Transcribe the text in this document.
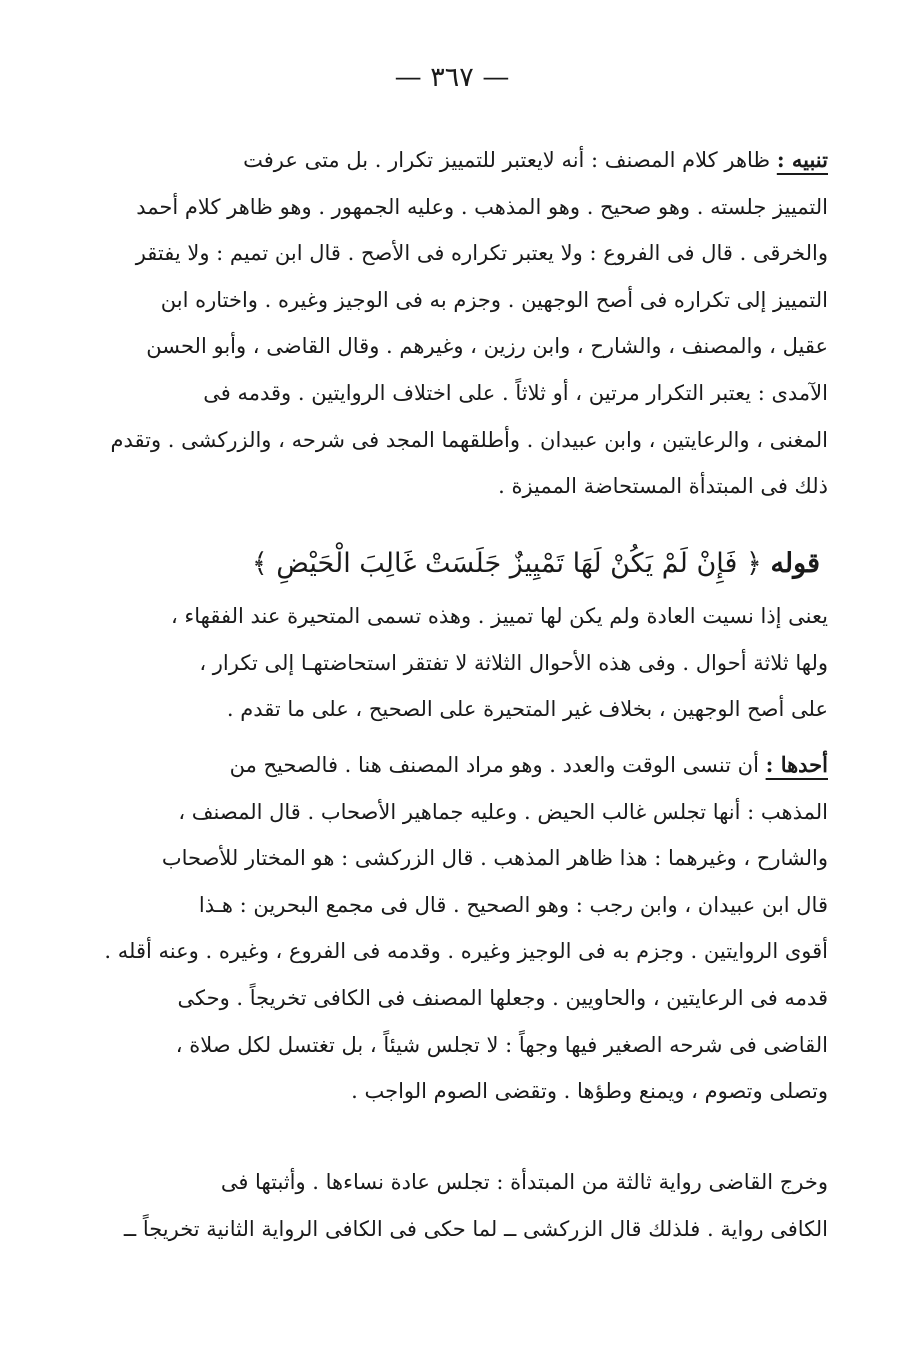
— ٣٦٧ —
تنبيه : ظاهر كلام المصنف : أنه لايعتبر للتمييز تكرار . بل متى عرفت
التمييز جلسته . وهو صحيح . وهو المذهب . وعليه الجمهور . وهو ظاهر كلام أحمد
والخرقى . قال فى الفروع : ولا يعتبر تكراره فى الأصح . قال ابن تميم : ولا يفتقر
التمييز إلى تكراره فى أصح الوجهين . وجزم به فى الوجيز وغيره . واختاره ابن
عقيل ، والمصنف ، والشارح ، وابن رزين ، وغيرهم . وقال القاضى ، وأبو الحسن
الآمدى : يعتبر التكرار مرتين ، أو ثلاثاً . على اختلاف الروايتين . وقدمه فى
المغنى ، والرعايتين ، وابن عبيدان . وأطلقهما المجد فى شرحه ، والزركشى . وتقدم
ذلك فى المبتدأة المستحاضة المميزة .
قوله ﴿ فَإِنْ لَمْ يَكُنْ لَهَا تَمْيِيزٌ جَلَسَتْ غَالِبَ الْحَيْضِ ﴾
يعنى إذا نسيت العادة ولم يكن لها تمييز . وهذه تسمى المتحيرة عند الفقهاء ،
ولها ثلاثة أحوال . وفى هذه الأحوال الثلاثة لا تفتقر استحاضتهـا إلى تكرار ،
على أصح الوجهين ، بخلاف غير المتحيرة على الصحيح ، على ما تقدم .
أحدها : أن تنسى الوقت والعدد . وهو مراد المصنف هنا . فالصحيح من
المذهب : أنها تجلس غالب الحيض . وعليه جماهير الأصحاب . قال المصنف ،
والشارح ، وغيرهما : هذا ظاهر المذهب . قال الزركشى : هو المختار للأصحاب
قال ابن عبيدان ، وابن رجب : وهو الصحيح . قال فى مجمع البحرين : هـذا
أقوى الروايتين . وجزم به فى الوجيز وغيره . وقدمه فى الفروع ، وغيره . وعنه أقله .
قدمه فى الرعايتين ، والحاويين . وجعلها المصنف فى الكافى تخريجاً . وحكى
القاضى فى شرحه الصغير فيها وجهاً : لا تجلس شيئاً ، بل تغتسل لكل صلاة ،
وتصلى وتصوم ، ويمنع وطؤها . وتقضى الصوم الواجب .
وخرج القاضى رواية ثالثة من المبتدأة : تجلس عادة نساءها . وأثبتها فى
الكافى رواية . فلذلك قال الزركشى ــ لما حكى فى الكافى الرواية الثانية تخريجاً ــ
